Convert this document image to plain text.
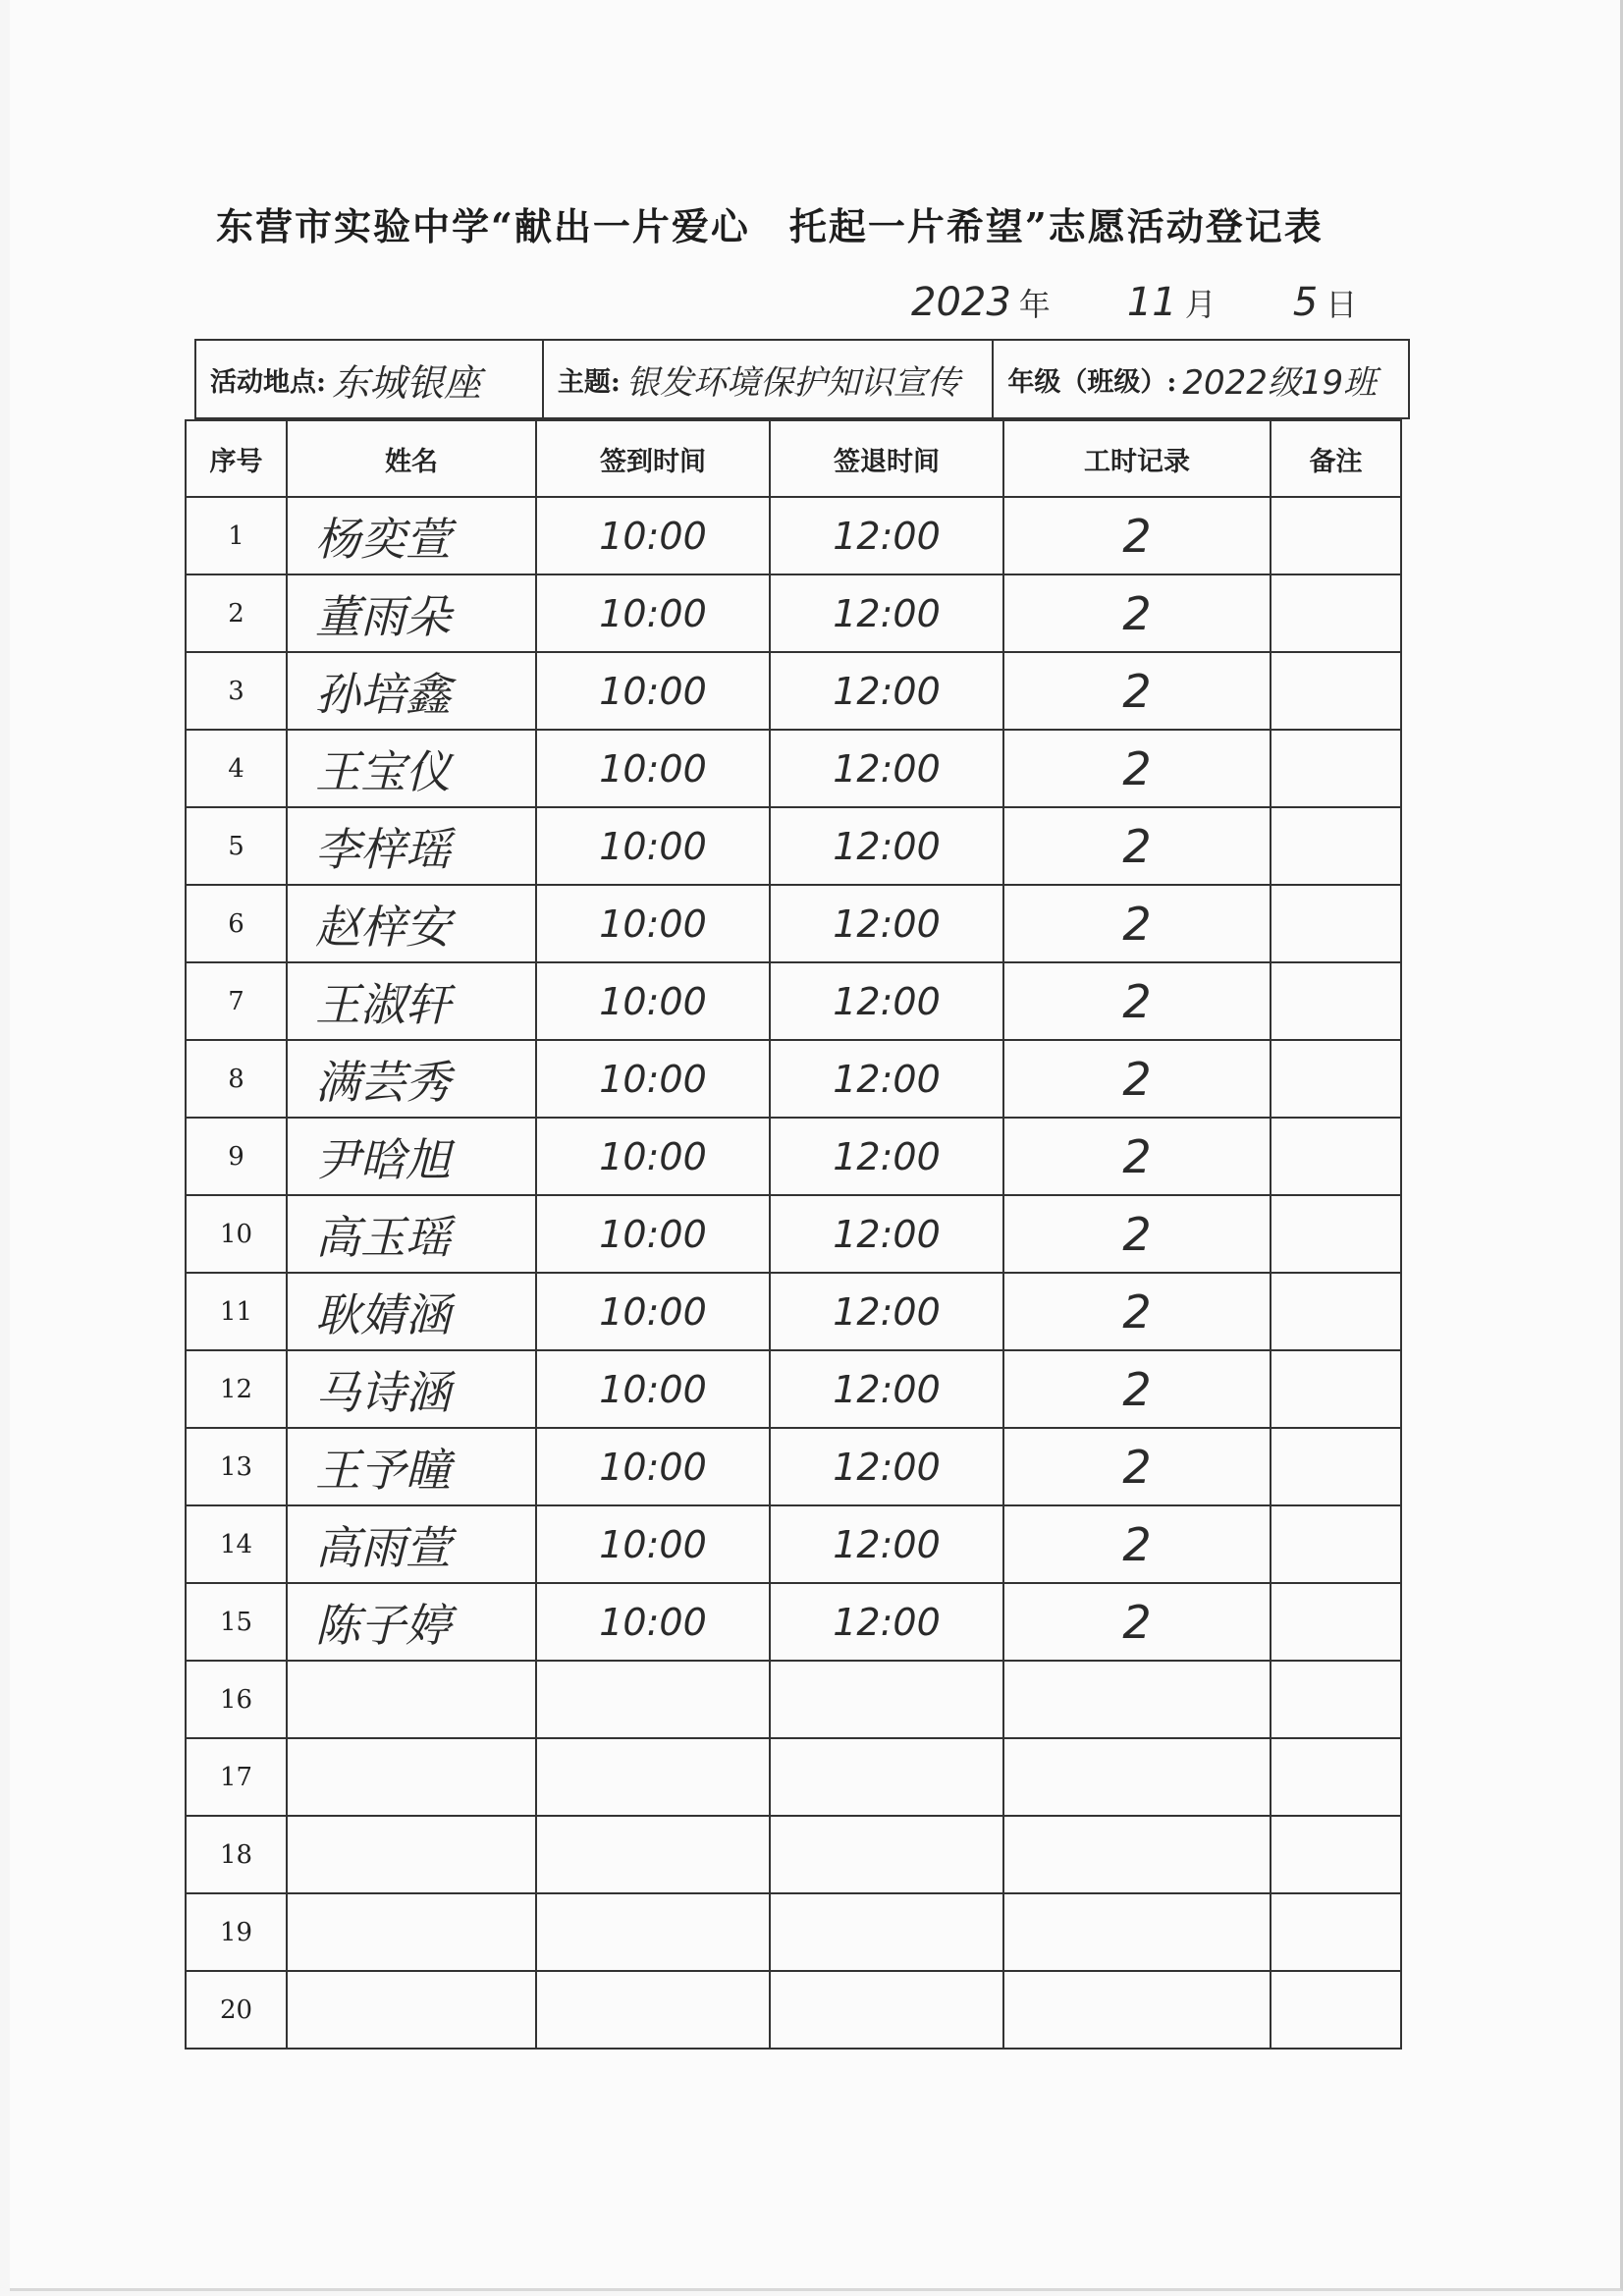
东营市实验中学“献出一片爱心　托起一片希望”志愿活动登记表
2023 年 11 月 5 日
活动地点: 东城银座	主题: 银发环境保护知识宣传 年级（班级）: 2022级19班
序号	姓名	签到时间	签退时间	工时记录	备注
1	杨奕萱	10:00	12:00	2	
2	董雨朵	10:00	12:00	2	
3	孙培鑫	10:00	12:00	2	
4	王宝仪	10:00	12:00	2	
5	李梓瑶	10:00	12:00	2	
6	赵梓安	10:00	12:00	2	
7	王淑轩	10:00	12:00	2	
8	满芸秀	10:00	12:00	2	
9	尹晗旭	10:00	12:00	2	
10	高玉瑶	10:00	12:00	2	
11	耿婧涵	10:00	12:00	2	
12	马诗涵	10:00	12:00	2	
13	王予瞳	10:00	12:00	2	
14	高雨萱	10:00	12:00	2	
15	陈子婷	10:00	12:00	2	
16					
17					
18					
19					
20					
